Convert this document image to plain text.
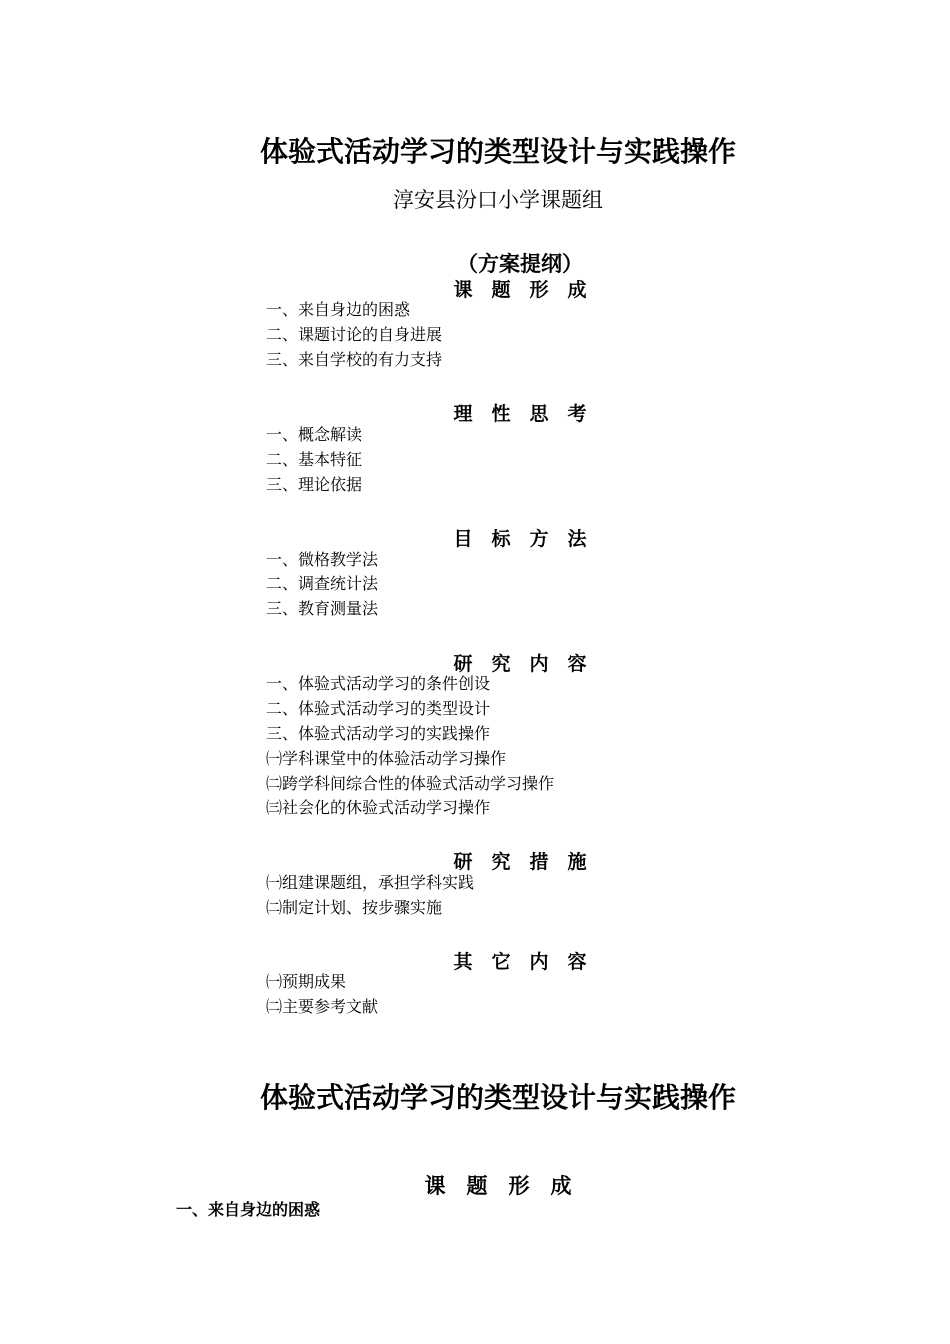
体验式活动学习的类型设计与实践操作
淳安县汾口小学课题组
（方案提纲）
课　题　形　成
一、来自身边的困惑
二、课题讨论的自身进展
三、来自学校的有力支持
理　性　思　考
一、概念解读
二、基本特征
三、理论依据
目　标　方　法
一、微格教学法
二、调查统计法
三、教育测量法
研　究　内　容
一、体验式活动学习的条件创设
二、体验式活动学习的类型设计
三、体验式活动学习的实践操作
㈠学科课堂中的体验活动学习操作
㈡跨学科间综合性的体验式活动学习操作
㈢社会化的休验式活动学习操作
研　究　措　施
㈠组建课题组，承担学科实践
㈡制定计划、按步骤实施
其　它　内　容
㈠预期成果
㈡主要参考文献
体验式活动学习的类型设计与实践操作
课　题　形　成
一、来自身边的困惑
